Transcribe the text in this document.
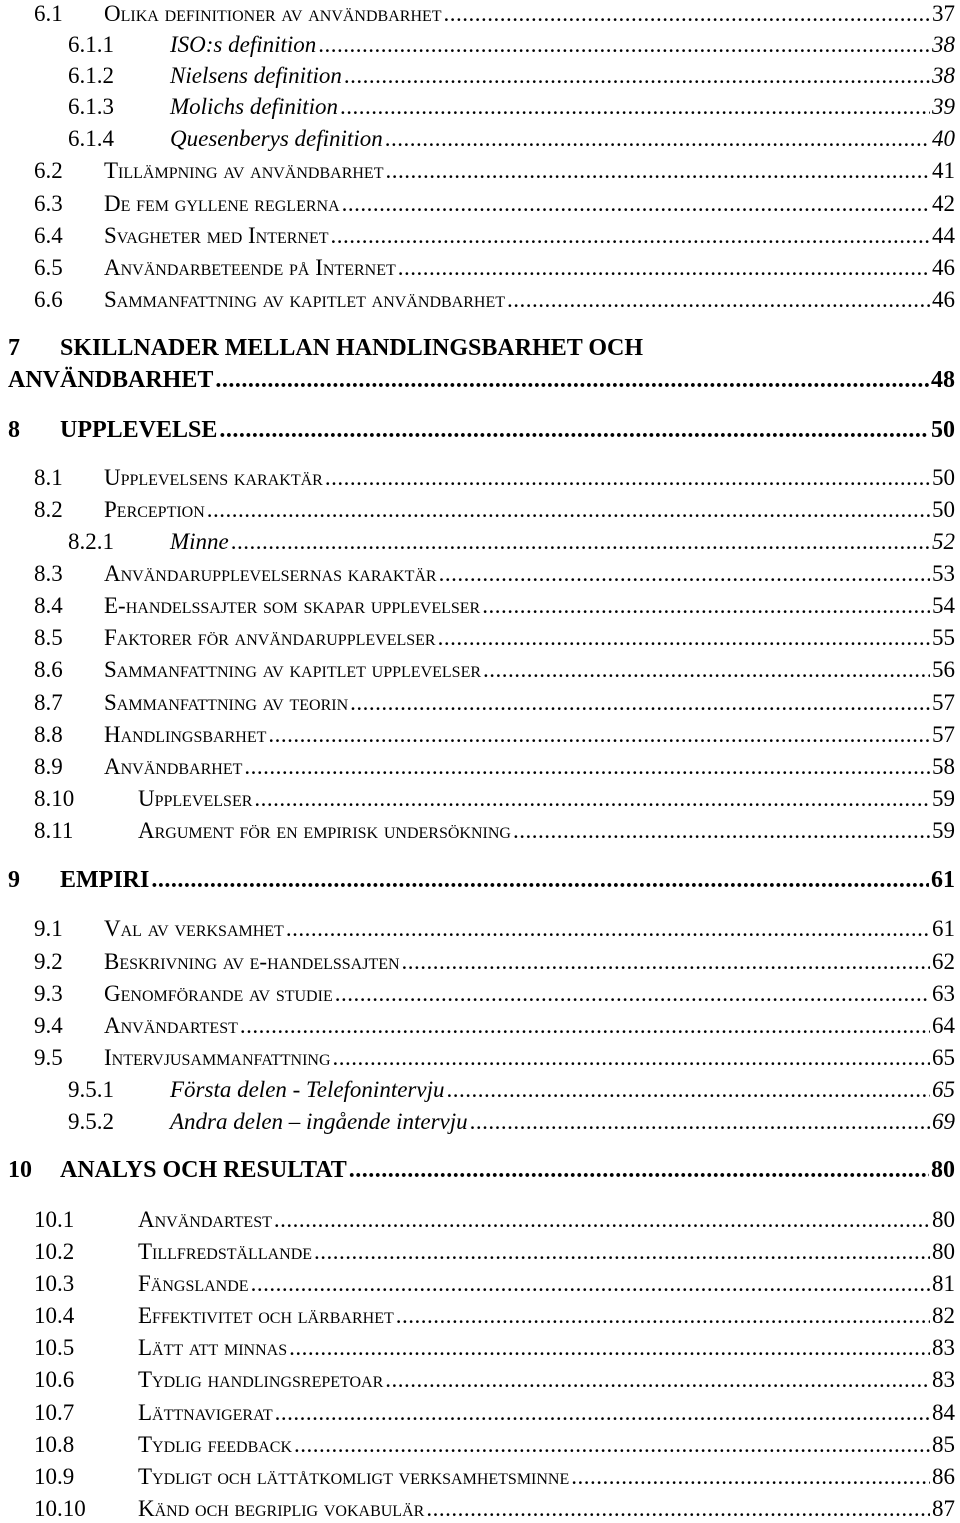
6.1	Olika definitioner av användbarhet .....	37
6.1.1	ISO:s definition .....	38
6.1.2	Nielsens definition .....	38
6.1.3	Molichs definition .....	39
6.1.4	Quesenberys definition .....	40
6.2	Tillämpning av användbarhet .....	41
6.3	De fem gyllene reglerna .....	42
6.4	Svagheter med Internet .....	44
6.5	Användarbeteende på Internet .....	46
6.6	Sammanfattning av kapitlet användbarhet .....	46
7	SKILLNADER MELLAN HANDLINGSBARHET OCH
ANVÄNDBARHET .....	48
8	UPPLEVELSE .....	50
8.1	Upplevelsens karaktär .....	50
8.2	Perception .....	50
8.2.1	Minne .....	52
8.3	Användarupplevelsernas karaktär .....	53
8.4	E-handelssajter som skapar upplevelser .....	54
8.5	Faktorer för användarupplevelser .....	55
8.6	Sammanfattning av kapitlet upplevelser .....	56
8.7	Sammanfattning av teorin .....	57
8.8	Handlingsbarhet .....	57
8.9	Användbarhet .....	58
8.10	Upplevelser .....	59
8.11	Argument för en empirisk undersökning .....	59
9	EMPIRI .....	61
9.1	Val av verksamhet .....	61
9.2	Beskrivning av e-handelssajten .....	62
9.3	Genomförande av studie .....	63
9.4	Användartest .....	64
9.5	Intervjusammanfattning .....	65
9.5.1	Första delen - Telefonintervju .....	65
9.5.2	Andra delen – ingående intervju .....	69
10	ANALYS OCH RESULTAT .....	80
10.1	Användartest .....	80
10.2	Tillfredställande .....	80
10.3	Fängslande .....	81
10.4	Effektivitet och lärbarhet .....	82
10.5	Lätt att minnas .....	83
10.6	Tydlig handlingsrepetoar .....	83
10.7	Lättnavigerat .....	84
10.8	Tydlig feedback .....	85
10.9	Tydligt och lättåtkomligt verksamhetsminne .....	86
10.10	Känd och begriplig vokabulär .....	87
